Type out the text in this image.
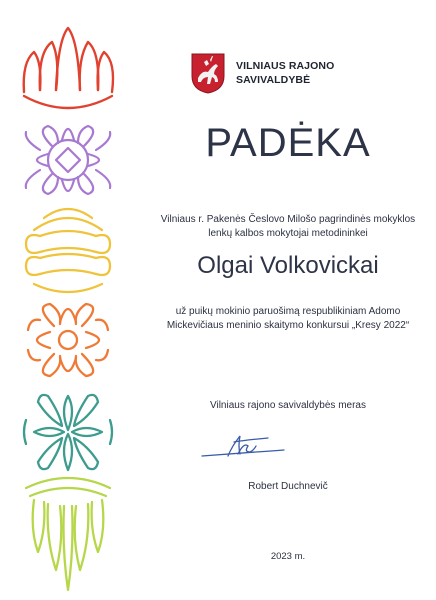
VILNIAUS RAJONO
SAVIVALDYBĖ
PADĖKA
Vilniaus r. Pakenės Česlovo Milošo pagrindinės mokyklos
lenkų kalbos mokytojai metodininkei
Olgai Volkovickai
už puikų mokinio paruošimą respublikiniam Adomo
Mickevičiaus meninio skaitymo konkursui „Kresy 2022“
Vilniaus rajono savivaldybės meras
Robert Duchnevič
2023 m.
